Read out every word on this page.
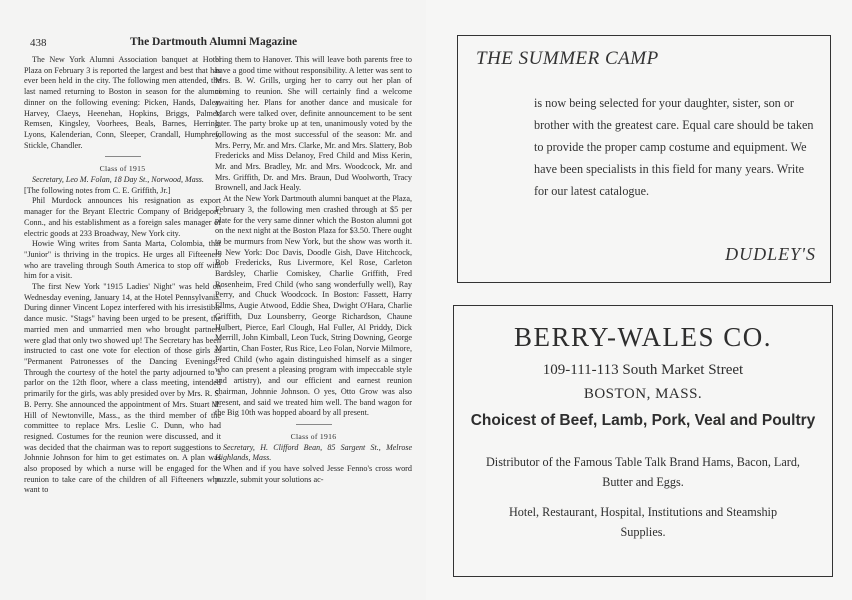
438	The Dartmouth Alumni Magazine

The New York Alumni Association banquet at Hotel Plaza on February 3 is reported the largest and best that has ever been held in the city. The following men attended, the last named returning to Boston in season for the alumni dinner on the following evening: Picken, Hands, Daley, Harvey, Claeys, Heenehan, Hopkins, Briggs, Palmer, Remsen, Kingsley, Voorhees, Beals, Barnes, Herring, Lyons, Kalenderian, Conn, Sleeper, Crandall, Humphrey, Stickle, Chandler.

Class of 1915

Secretary, Leo M. Folan, 18 Day St., Norwood, Mass.

[The following notes from C. E. Griffith, Jr.]

Phil Murdock announces his resignation as export manager for the Bryant Electric Company of Bridgeport, Conn., and his establishment as a foreign sales manager of electric goods at 233 Broadway, New York city.

Howie Wing writes from Santa Marta, Colombia, that "Junior" is thriving in the tropics. He urges all Fifteeners who are traveling through South America to stop off with him for a visit.

The first New York "1915 Ladies' Night" was held on Wednesday evening, January 14, at the Hotel Pennsylvania. During dinner Vincent Lopez interfered with his irresistible dance music. "Stags" having been urged to be present, the married men and unmarried men who brought partners were glad that only two showed up! The Secretary has been instructed to cast one vote for election of those girls as "Permanent Patronesses of the Dancing Evenings." Through the courtesy of the hotel the party adjourned to a parlor on the 12th floor, where a class meeting, intended primarily for the girls, was ably presided over by Mrs. R. S. B. Perry. She announced the appointment of Mrs. Stuart M. Hill of Newtonville, Mass., as the third member of the committee to replace Mrs. Leslie C. Dunn, who had resigned. Costumes for the reunion were discussed, and it was decided that the chairman was to report suggestions to Johnnie Johnson for him to get estimates on. A plan was also proposed by which a nurse will be engaged for the reunion to take care of the children of all Fifteeners who want to

bring them to Hanover. This will leave both parents free to have a good time without responsibility. A letter was sent to Mrs. B. W. Grills, urging her to carry out her plan of coming to reunion. She will certainly find a welcome awaiting her. Plans for another dance and musicale for March were talked over, definite announcement to be sent later. The party broke up at ten, unanimously voted by the following as the most successful of the season: Mr. and Mrs. Perry, Mr. and Mrs. Clarke, Mr. and Mrs. Slattery, Bob Fredericks and Miss Delanoy, Fred Child and Miss Kerin, Mr. and Mrs. Bradley, Mr. and Mrs. Woodcock, Mr. and Mrs. Griffith, Dr. and Mrs. Braun, Dud Woolworth, Tracy Brownell, and Jack Healy.

At the New York Dartmouth alumni banquet at the Plaza, February 3, the following men crashed through at $5 per plate for the very same dinner which the Boston alumni got on the next night at the Boston Plaza for $3.50. There ought to be murmurs from New York, but the show was worth it. In New York: Doc Davis, Doodle Gish, Dave Hitchcock, Bob Fredericks, Rus Livermore, Kel Rose, Carleton Bardsley, Charlie Comiskey, Charlie Griffith, Fred Rosenheim, Fred Child (who sang wonderfully well), Ray Perry, and Chuck Woodcock. In Boston: Fassett, Harry Ellms, Augie Atwood, Eddie Shea, Dwight O'Hara, Charlie Griffith, Duz Lounsberry, George Richardson, Chaune Hulbert, Pierce, Earl Clough, Hal Fuller, Al Priddy, Dick Merrill, John Kimball, Leon Tuck, String Downing, George Martin, Chan Foster, Rus Rice, Leo Folan, Norvie Milmore, Fred Child (who again distinguished himself as a singer who can present a pleasing program with impeccable style and artistry), and our efficient and earnest reunion chairman, Johnnie Johnson. O yes, Otto Grow was also present, and said we treated him well. The band wagon for the Big 10th was hopped aboard by all present.

Class of 1916

Secretary, H. Clifford Bean, 85 Sargent St., Melrose Highlands, Mass.

When and if you have solved Jesse Fenno's cross word puzzle, submit your solutions ac-

THE SUMMER CAMP
is now being selected for your daughter, sister, son or brother with the greatest care. Equal care should be taken to provide the proper camp costume and equipment. We have been specialists in this field for many years. Write for our latest catalogue.
DUDLEY'S
BERRY-WALES CO.
109-111-113 South Market Street
BOSTON, MASS.
Choicest of Beef, Lamb, Pork, Veal and Poultry
Distributor of the Famous Table Talk Brand Hams, Bacon, Lard, Butter and Eggs.
Hotel, Restaurant, Hospital, Institutions and Steamship Supplies.
